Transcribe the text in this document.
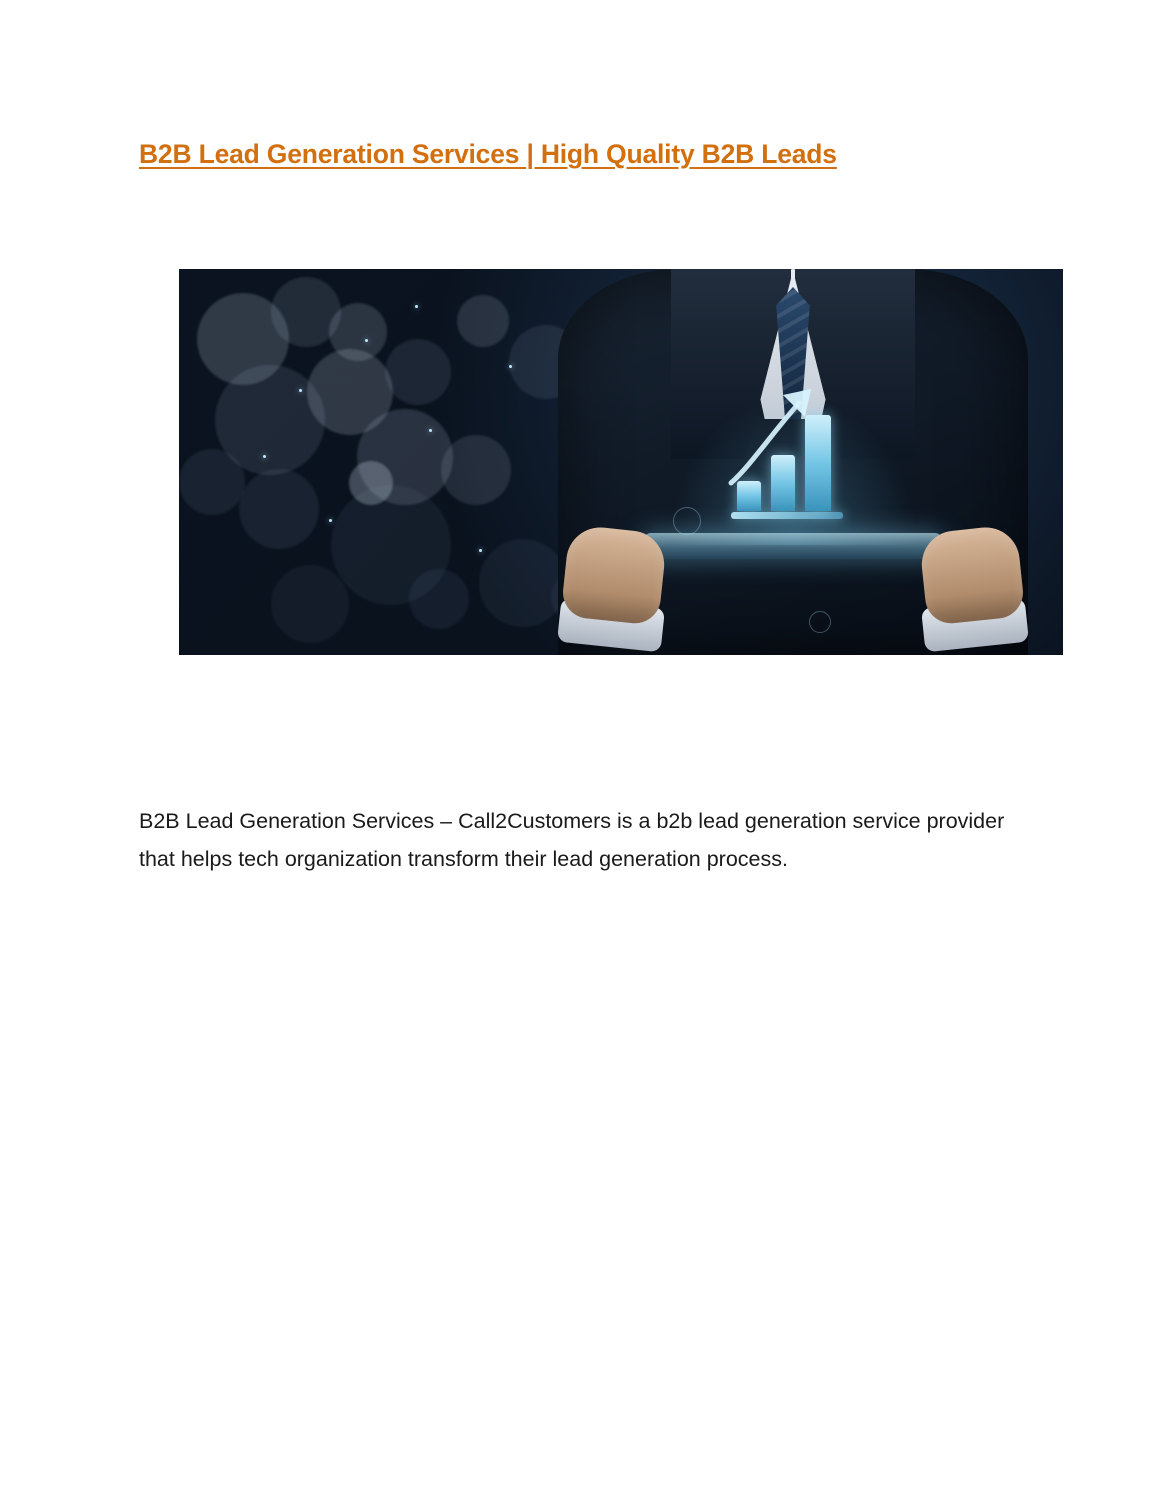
B2B Lead Generation Services | High Quality B2B Leads

B2B Lead Generation Services – Call2Customers is a b2b lead generation service provider that helps tech organization transform their lead generation process.
